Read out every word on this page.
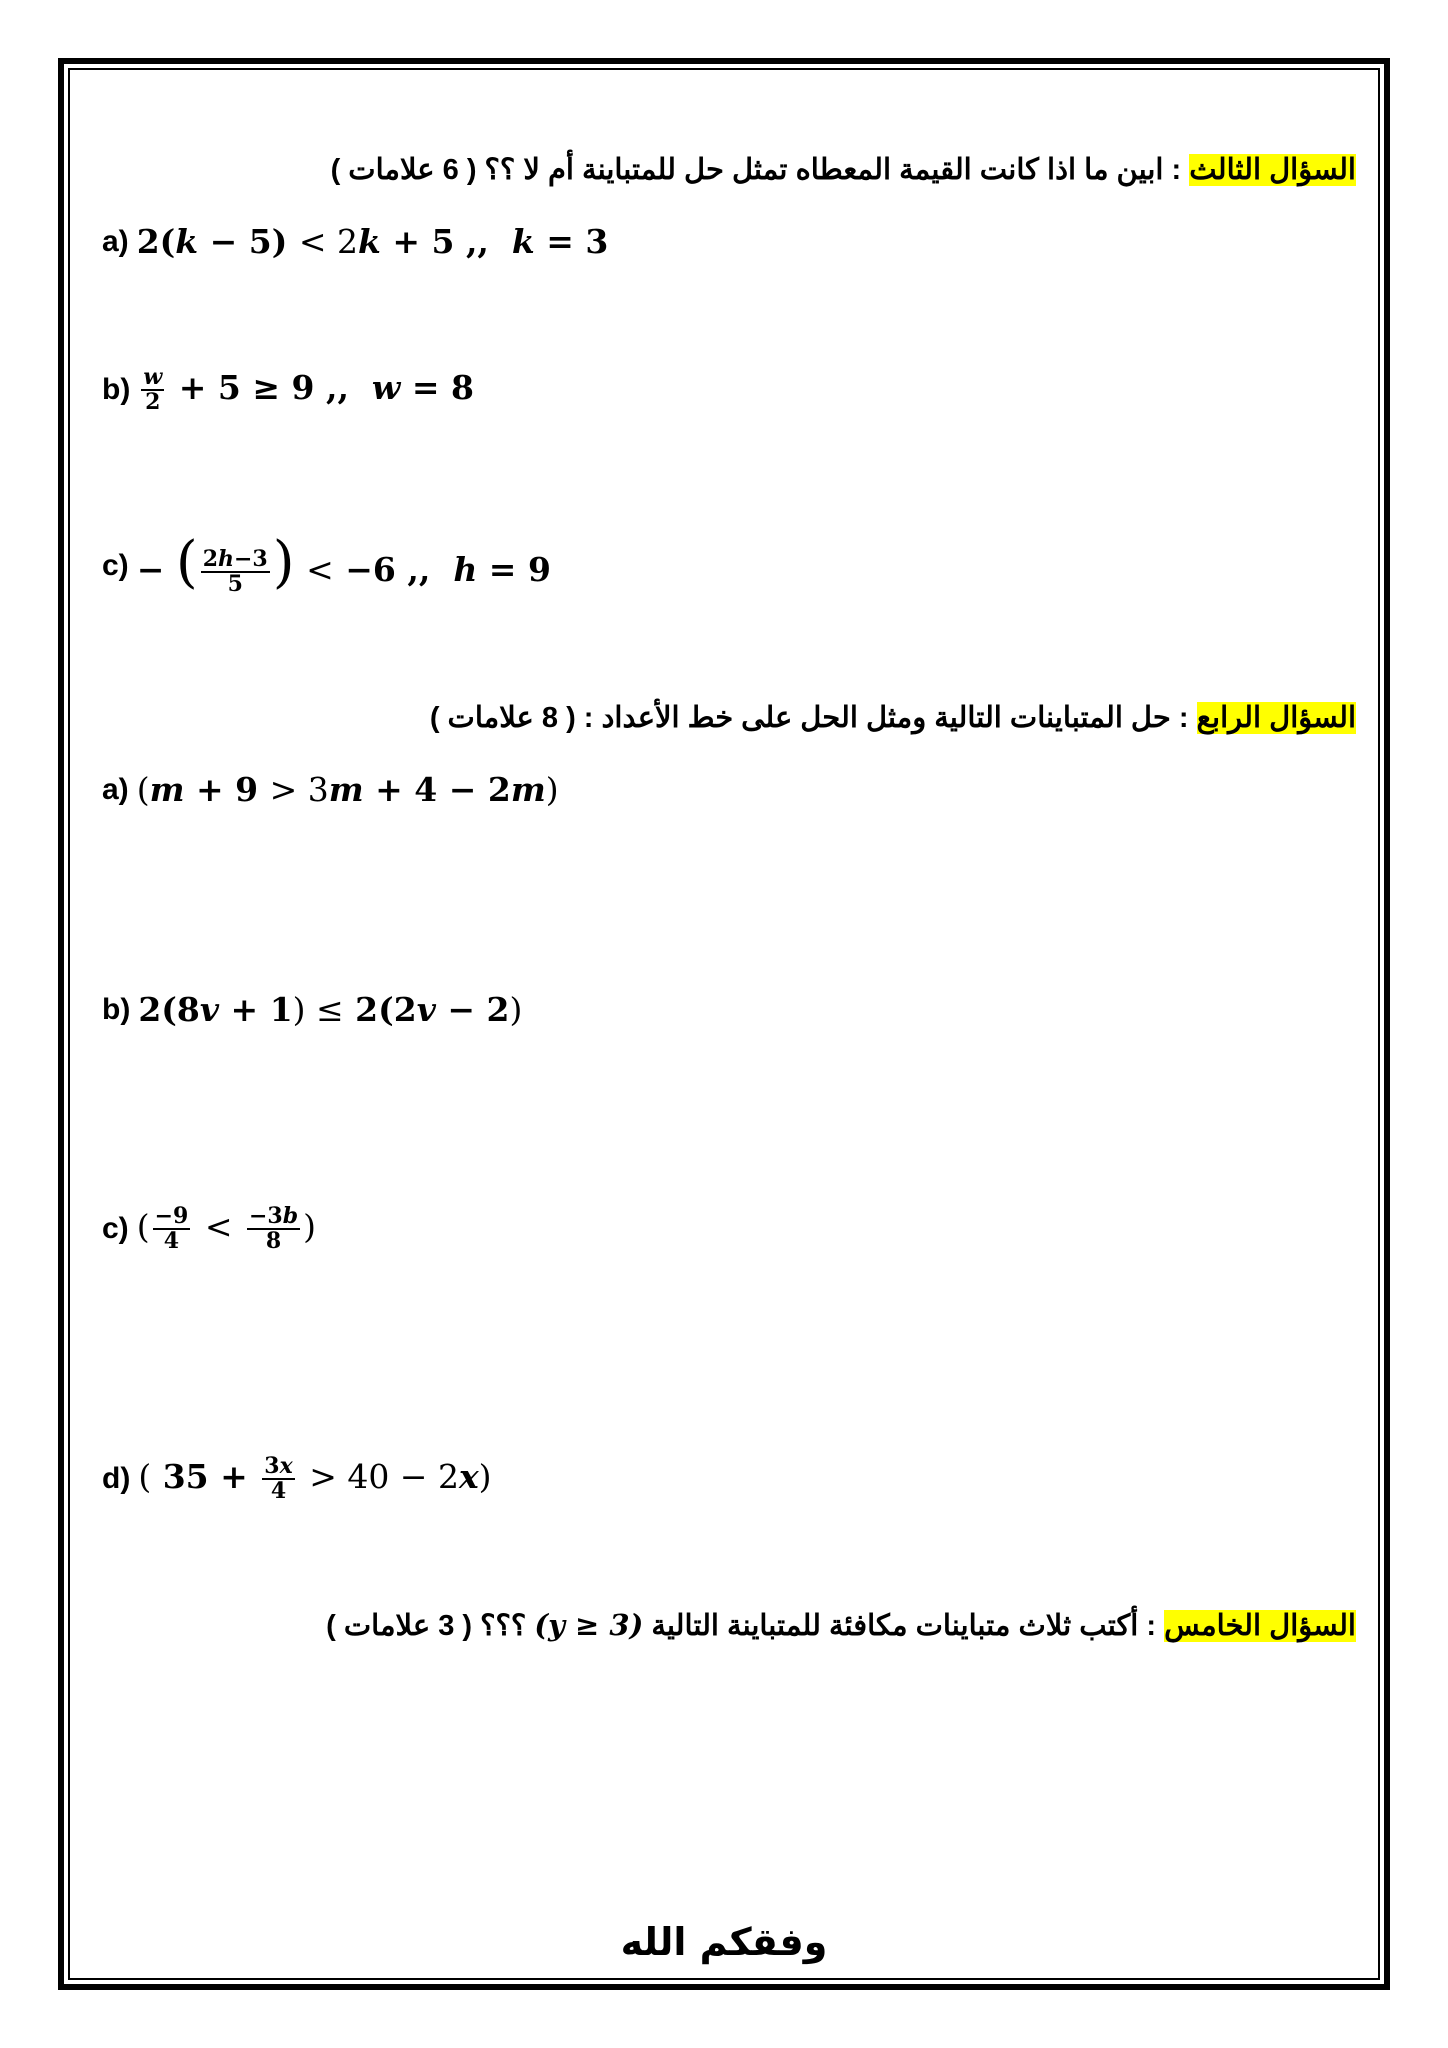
السؤال الثالث : ابين ما اذا كانت القيمة المعطاه تمثل حل للمتباينة أم لا ؟؟ ( 6 علامات )
a) 2(k − 5) < 2k + 5 ,,  k = 3
$b) \frac{w}{2} + 5 \ge 9$ ,,  w = 8
c) − ( $\frac{2h-3}{5}$ ) < −6 ,,  h = 9
السؤال الرابع : حل المتباينات التالية ومثل الحل على خط الأعداد : ( 8 علامات )
a) (m + 9 > 3m + 4 − 2m)
b) 2(8v + 1) ≤ 2(2v − 2)
c) ( $\frac{-9}{4} < \frac{-3b}{8}$ )
d) ( $35 + \frac{3x}{4} > 40 - 2x$)
السؤال الخامس : أكتب ثلاث متباينات مكافئة للمتباينة التالية (y ≥ 3) ؟؟؟ ( 3 علامات )
وفقكم الله
